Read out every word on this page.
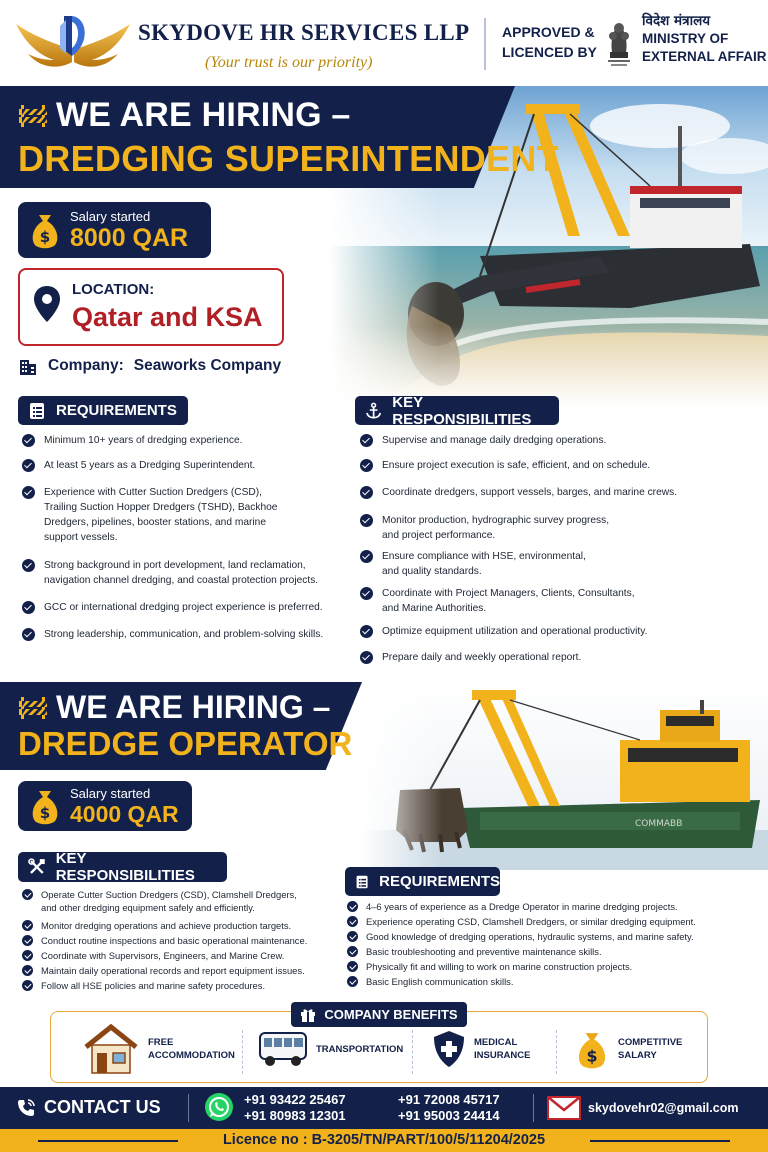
SKYDOVE HR SERVICES LLP
(Your trust is our priority)
APPROVED &
LICENCED BY
विदेश मंत्रालय
MINISTRY OF
EXTERNAL AFFAIR
WE ARE HIRING –
DREDGING SUPERINTENDENT
$
Salary started
8000 QAR
LOCATION:
Qatar and KSA
Company: Seaworks Company
REQUIREMENTS	KEY RESPONSIBILITIES
Minimum 10+ years of dredging experience.
At least 5 years as a Dredging Superintendent.
Experience with Cutter Suction Dredgers (CSD),
Trailing Suction Hopper Dredgers (TSHD), Backhoe
Dredgers, pipelines, booster stations, and marine
support vessels.
Strong background in port development, land reclamation,
navigation channel dredging, and coastal protection projects.
GCC or international dredging project experience is preferred.
Strong leadership, communication, and problem-solving skills.
Supervise and manage daily dredging operations.
Ensure project execution is safe, efficient, and on schedule.
Coordinate dredgers, support vessels, barges, and marine crews.
Monitor production, hydrographic survey progress,
and project performance.
Ensure compliance with HSE, environmental,
and quality standards.
Coordinate with Project Managers, Clients, Consultants,
and Marine Authorities.
Optimize equipment utilization and operational productivity.
Prepare daily and weekly operational report.
WE ARE HIRING –
DREDGE OPERATOR
$
Salary started
4000 QAR
KEY RESPONSIBILITIES	REQUIREMENTS
Operate Cutter Suction Dredgers (CSD), Clamshell Dredgers,
and other dredging equipment safely and efficiently.
Monitor dredging operations and achieve production targets.
Conduct routine inspections and basic operational maintenance.
Coordinate with Supervisors, Engineers, and Marine Crew.
Maintain daily operational records and report equipment issues.
Follow all HSE policies and marine safety procedures.
4–6 years of experience as a Dredge Operator in marine dredging projects.
Experience operating CSD, Clamshell Dredgers, or similar dredging equipment.
Good knowledge of dredging operations, hydraulic systems, and marine safety.
Basic troubleshooting and preventive maintenance skills.
Physically fit and willing to work on marine construction projects.
Basic English communication skills.
COMPANY BENEFITS
FREE
ACCOMMODATION
TRANSPORTATION
MEDICAL
INSURANCE	$
COMPETITIVE
SALARY
CONTACT US	+91 93422 25467
+91 80983 12301
+91 72008 45717
+91 95003 24414	skydovehr02@gmail.com
Licence no : B-3205/TN/PART/100/5/11204/2025
